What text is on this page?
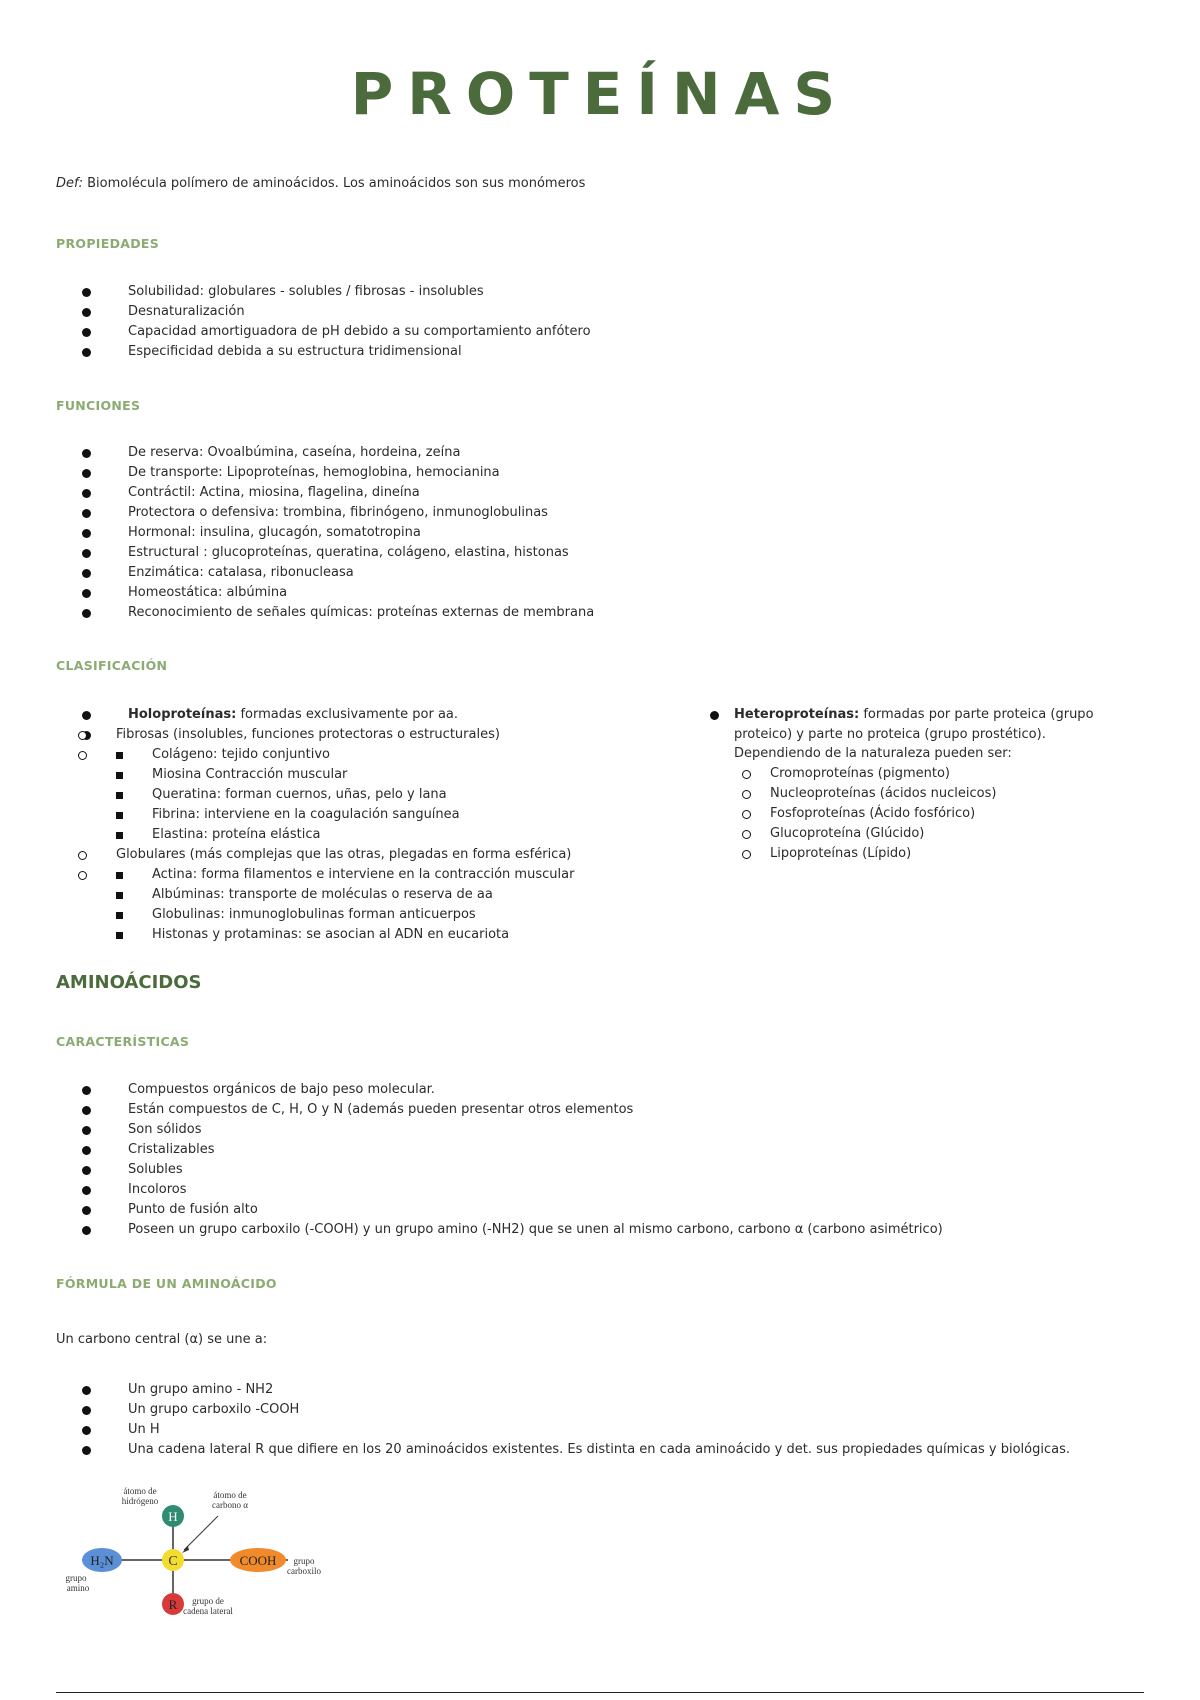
PROTEÍNAS
Def: Biomolécula polímero de aminoácidos. Los aminoácidos son sus monómeros
PROPIEDADES
Solubilidad: globulares - solubles / fibrosas - insolubles
Desnaturalización
Capacidad amortiguadora de pH debido a su comportamiento anfótero
Especificidad debida a su estructura tridimensional
FUNCIONES
De reserva: Ovoalbúmina, caseína, hordeina, zeína
De transporte: Lipoproteínas, hemoglobina, hemocianina
Contráctil: Actina, miosina, flagelina, dineína
Protectora o defensiva: trombina, fibrinógeno, inmunoglobulinas
Hormonal: insulina, glucagón, somatotropina
Estructural : glucoproteínas, queratina, colágeno, elastina, histonas
Enzimática: catalasa, ribonucleasa
Homeostática: albúmina
Reconocimiento de señales químicas: proteínas externas de membrana
CLASIFICACIÓN
Holoproteínas: formadas exclusivamente por aa.
Fibrosas (insolubles, funciones protectoras o estructurales)
Colágeno: tejido conjuntivo
Miosina Contracción muscular
Queratina: forman cuernos, uñas, pelo y lana
Fibrina: interviene en la coagulación sanguínea
Elastina: proteína elástica
Globulares (más complejas que las otras, plegadas en forma esférica)
Actina: forma filamentos e interviene en la contracción muscular
Albúminas: transporte de moléculas o reserva de aa
Globulinas: inmunoglobulinas forman anticuerpos
Histonas y protaminas: se asocian al ADN en eucariota
Heteroproteínas: formadas por parte proteica (grupo proteico) y parte no proteica (grupo prostético). Dependiendo de la naturaleza pueden ser:
Cromoproteínas (pigmento)
Nucleoproteínas (ácidos nucleicos)
Fosfoproteínas (Ácido fosfórico)
Glucoproteína (Glúcido)
Lipoproteínas (Lípido)
AMINOÁCIDOS
CARACTERÍSTICAS
Compuestos orgánicos de bajo peso molecular.
Están compuestos de C, H, O y N (además pueden presentar otros elementos
Son sólidos
Cristalizables
Solubles
Incoloros
Punto de fusión alto
Poseen un grupo carboxilo (-COOH) y un grupo amino (-NH2) que se unen al mismo carbono, carbono α (carbono asimétrico)
FÓRMULA DE UN AMINOÁCIDO
Un carbono central (α) se une a:
Un grupo amino - NH2
Un grupo carboxilo -COOH
Un H
Una cadena lateral R que difiere en los 20 aminoácidos existentes. Es distinta en cada aminoácido y det. sus propiedades químicas y biológicas.
C
H
H₂N	COOH
R
átomo de
hidrógeno
átomo de
carbono α
grupo
amino
grupo
carboxilo
grupo de
cadena lateral
